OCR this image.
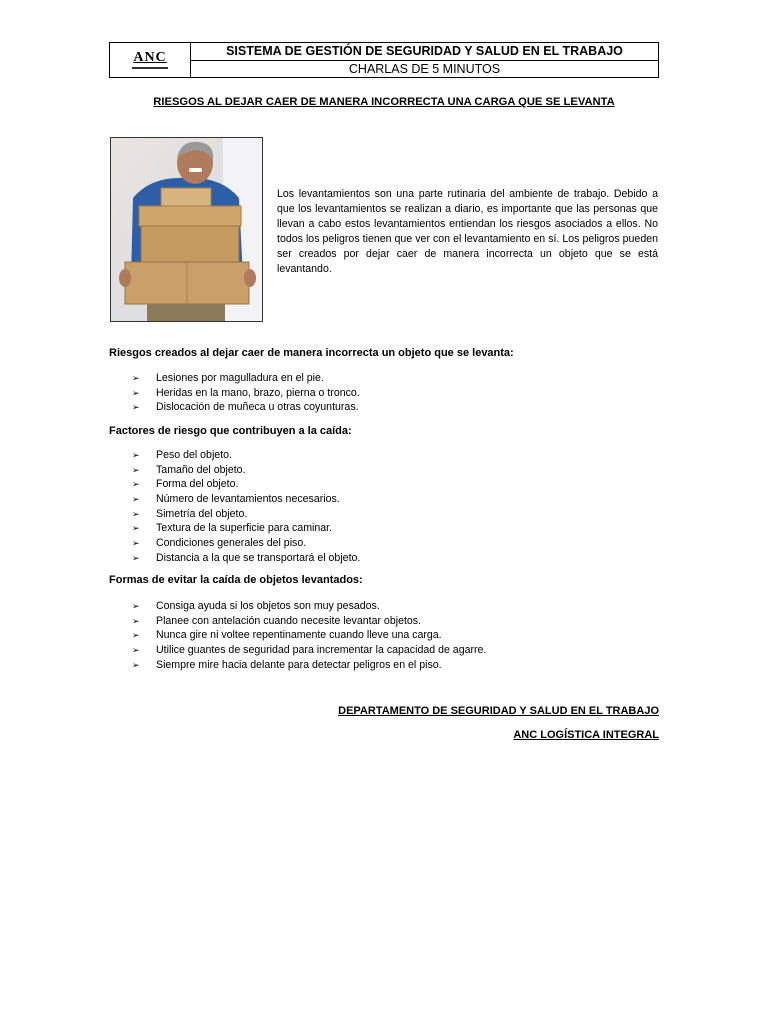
ANC	SISTEMA DE GESTIÓN DE SEGURIDAD Y SALUD EN EL TRABAJO
CHARLAS DE 5 MINUTOS
RIESGOS AL DEJAR CAER DE MANERA INCORRECTA UNA CARGA QUE SE LEVANTA
Los levantamientos son una parte rutinaria del ambiente de trabajo. Debido a que los levantamientos se realizan a diario, es importante que las personas que llevan a cabo estos levantamientos entiendan los riesgos asociados a ellos. No todos los peligros tienen que ver con el levantamiento en sí. Los peligros pueden ser creados por dejar caer de manera incorrecta un objeto que se está levantando.
Riesgos creados al dejar caer de manera incorrecta un objeto que se levanta:
➢ Lesiones por magulladura en el pie.
➢ Heridas en la mano, brazo, pierna o tronco.
➢ Dislocación de muñeca u otras coyunturas.
Factores de riesgo que contribuyen a la caída:
➢ Peso del objeto.
➢ Tamaño del objeto.
➢ Forma del objeto.
➢ Número de levantamientos necesarios.
➢ Simetría del objeto.
➢ Textura de la superficie para caminar.
➢ Condiciones generales del piso.
➢ Distancia a la que se transportará el objeto.
Formas de evitar la caída de objetos levantados:
➢ Consiga ayuda si los objetos son muy pesados.
➢ Planee con antelación cuando necesite levantar objetos.
➢ Nunca gire ni voltee repentinamente cuando lleve una carga.
➢ Utilice guantes de seguridad para incrementar la capacidad de agarre.
➢ Siempre mire hacia delante para detectar peligros en el piso.
DEPARTAMENTO DE SEGURIDAD Y SALUD EN EL TRABAJO
ANC LOGÍSTICA INTEGRAL
